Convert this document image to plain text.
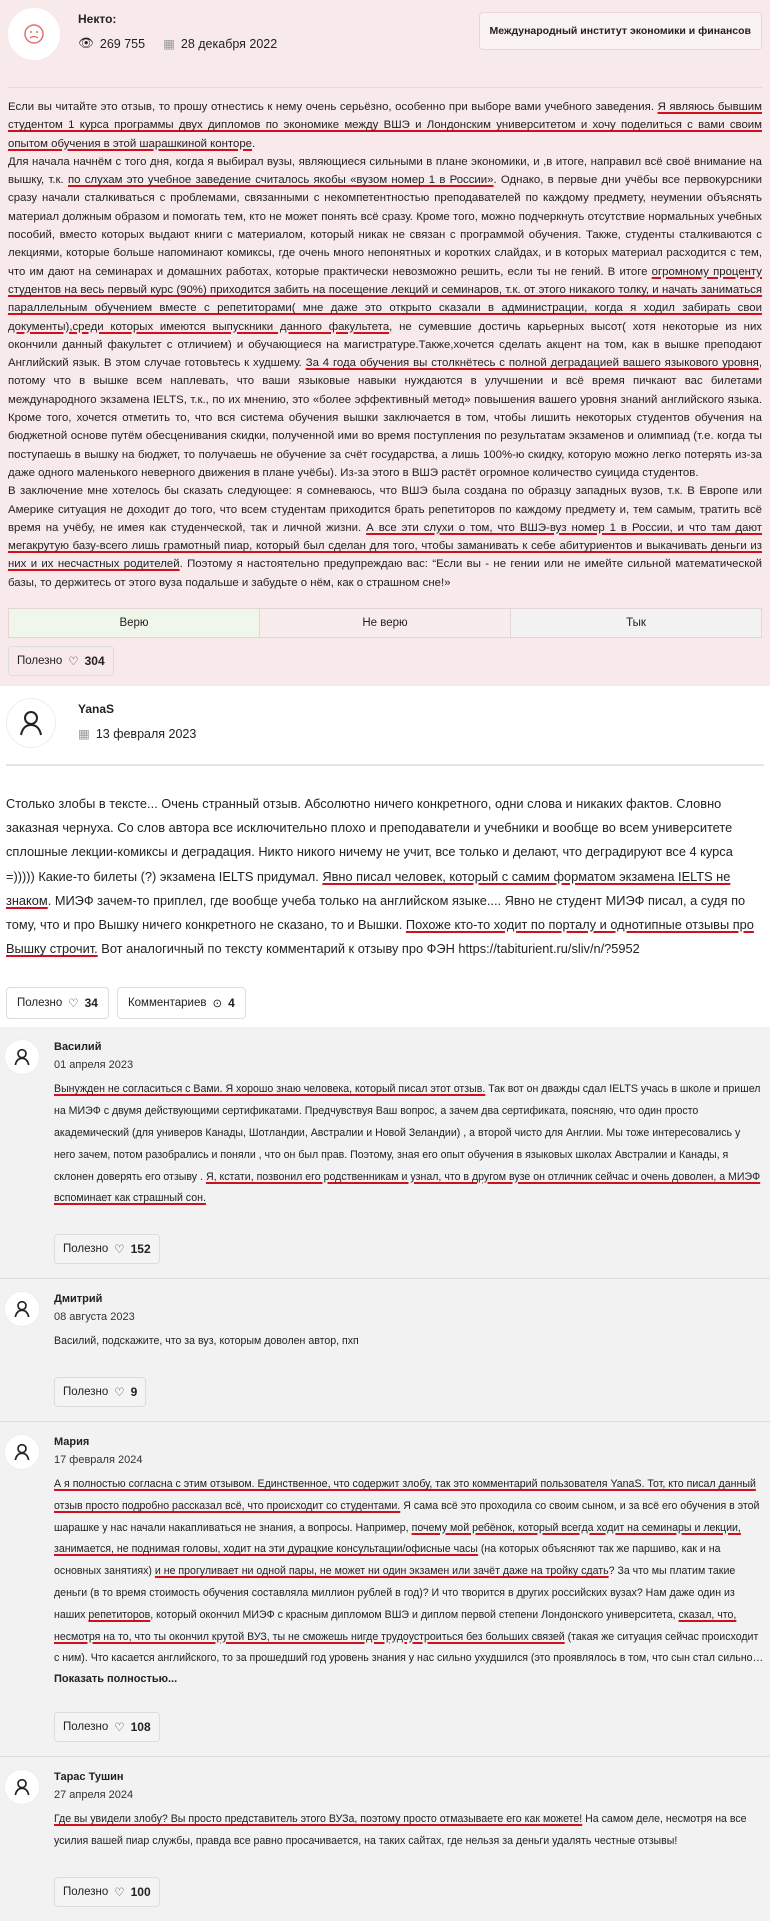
Некто:
👁 269 755 ▦ 28 декабря 2022
Международный институт экономики и финансов
Если вы читайте это отзыв, то прошу отнестись к нему очень серьёзно, особенно при выборе вами учебного заведения. Я являюсь бывшим студентом 1 курса программы двух дипломов по экономике между ВШЭ и Лондонским университетом и хочу поделиться с вами своим опытом обучения в этой шарашкиной конторе.
Для начала начнём с того дня, когда я выбирал вузы, являющиеся сильными в плане экономики, и ,в итоге, направил всё своё внимание на вышку, т.к. по слухам это учебное заведение считалось якобы «вузом номер 1 в России». Однако, в первые дни учёбы все первокурсники сразу начали сталкиваться с проблемами, связанными с некомпетентностью преподавателей по каждому предмету, неумении объяснять материал должным образом и помогать тем, кто не может понять всё сразу. Кроме того, можно подчеркнуть отсутствие нормальных учебных пособий, вместо которых выдают книги с материалом, который никак не связан с программой обучения. Также, студенты сталкиваются с лекциями, которые больше напоминают комиксы, где очень много непонятных и коротких слайдах, и в которых материал расходится с тем, что им дают на семинарах и домашних работах, которые практически невозможно решить, если ты не гений. В итоге огромному проценту студентов на весь первый курс (90%) приходится забить на посещение лекций и семинаров, т.к. от этого никакого толку, и начать заниматься параллельным обучением вместе с репетиторами( мне даже это открыто сказали в администрации, когда я ходил забирать свои документы),среди которых имеются выпускники данного факультета, не сумевшие достичь карьерных высот( хотя некоторые из них окончили данный факультет с отличием) и обучающиеся на магистратуре.Также,хочется сделать акцент на том, как в вышке преподают Английский язык. В этом случае готовьтесь к худшему. За 4 года обучения вы столкнётесь с полной деградацией вашего языкового уровня, потому что в вышке всем наплевать, что ваши языковые навыки нуждаются в улучшении и всё время пичкают вас билетами международного экзамена IELTS, т.к., по их мнению, это «более эффективный метод» повышения вашего уровня знаний английского языка. Кроме того, хочется отметить то, что вся система обучения вышки заключается в том, чтобы лишить некоторых студентов обучения на бюджетной основе путём обесценивания скидки, полученной ими во время поступления по результатам экзаменов и олимпиад (т.е. когда ты поступаешь в вышку на бюджет, то получаешь не обучение за счёт государства, а лишь 100%-ю скидку, которую можно легко потерять из-за даже одного маленького неверного движения в плане учёбы). Из-за этого в ВШЭ растёт огромное количество суицида студентов.
В заключение мне хотелось бы сказать следующее: я сомневаюсь, что ВШЭ была создана по образцу западных вузов, т.к. В Европе или Америке ситуация не доходит до того, что всем студентам приходится брать репетиторов по каждому предмету и, тем самым, тратить всё время на учёбу, не имея как студенческой, так и личной жизни. А все эти слухи о том, что ВШЭ-вуз номер 1 в России, и что там дают мегакрутую базу-всего лишь грамотный пиар, который был сделан для того, чтобы заманивать к себе абитуриентов и выкачивать деньги из них и их несчастных родителей. Поэтому я настоятельно предупреждаю вас: “Если вы - не гении или не имейте сильной математической базы, то держитесь от этого вуза подальше и забудьте о нём, как о страшном сне!»
Верю	Не верю	Тык
Полезно ♡ 304
YanaS
▦ 13 февраля 2023
Столько злобы в тексте... Очень странный отзыв. Абсолютно ничего конкретного, одни слова и никаких фактов. Словно заказная чернуха. Со слов автора все исключительно плохо и преподаватели и учебники и вообще во всем университете сплошные лекции-комиксы и деградация. Никто никого ничему не учит, все только и делают, что деградируют все 4 курса =))))) Какие-то билеты (?) экзамена IELTS придумал. Явно писал человек, который с самим форматом экзамена IELTS не знаком. МИЭФ зачем-то приплел, где вообще учеба только на английском языке.... Явно не студент МИЭФ писал, а судя по тому, что и про Вышку ничего конкретного не сказано, то и Вышки. Похоже кто-то ходит по порталу и однотипные отзывы про Вышку строчит. Вот аналогичный по тексту комментарий к отзыву про ФЭН https://tabiturient.ru/sliv/n/?5952
Полезно ♡ 34	Комментариев ⊙ 4
Василий
01 апреля 2023
Вынужден не согласиться с Вами. Я хорошо знаю человека, который писал этот отзыв. Так вот он дважды сдал IELTS учась в школе и пришел на МИЭФ с двумя действующими сертификатами. Предчувствуя Ваш вопрос, а зачем два сертификата, поясняю, что один просто академический (для универов Канады, Шотландии, Австралии и Новой Зеландии) , а второй чисто для Англии. Мы тоже интересовались у него зачем, потом разобрались и поняли , что он был прав. Поэтому, зная его опыт обучения в языковых школах Австралии и Канады, я склонен доверять его отзыву . Я, кстати, позвонил его родственникам и узнал, что в другом вузе он отличник сейчас и очень доволен, а МИЭФ вспоминает как страшный сон.
Полезно ♡ 152
Дмитрий
08 августа 2023
Василий, подскажите, что за вуз, которым доволен автор, пхп
Полезно ♡ 9
Мария
17 февраля 2024
А я полностью согласна с этим отзывом. Единственное, что содержит злобу, так это комментарий пользователя YanaS. Тот, кто писал данный отзыв просто подробно рассказал всё, что происходит со студентами. Я сама всё это проходила со своим сыном, и за всё его обучения в этой шарашке у нас начали накапливаться не знания, а вопросы. Например, почему мой ребёнок, который всегда ходит на семинары и лекции, занимается, не поднимая головы, ходит на эти дурацкие консультации/офисные часы (на которых объясняют так же паршиво, как и на основных занятиях) и не прогуливает ни одной пары, не может ни один экзамен или зачёт даже на тройку сдать? За что мы платим такие деньги (в то время стоимость обучения составляла миллион рублей в год)? И что творится в других российских вузах? Нам даже один из наших репетиторов, который окончил МИЭФ с красным дипломом ВШЭ и диплом первой степени Лондонского университета, сказал, что, несмотря на то, что ты окончил крутой ВУЗ, ты не сможешь нигде трудоустроиться без больших связей (такая же ситуация сейчас происходит с ним). Что касается английского, то за прошедший год уровень знания у нас сильно ухудшился (это проявлялось в том, что сын стал сильно
Показать полностью...
Полезно ♡ 108
Тарас Тушин
27 апреля 2024
Где вы увидели злобу? Вы просто представитель этого ВУЗа, поэтому просто отмазываете его как можете! На самом деле, несмотря на все усилия вашей пиар службы, правда все равно просачивается, на таких сайтах, где нельзя за деньги удалять честные отзывы!
Полезно ♡ 100
